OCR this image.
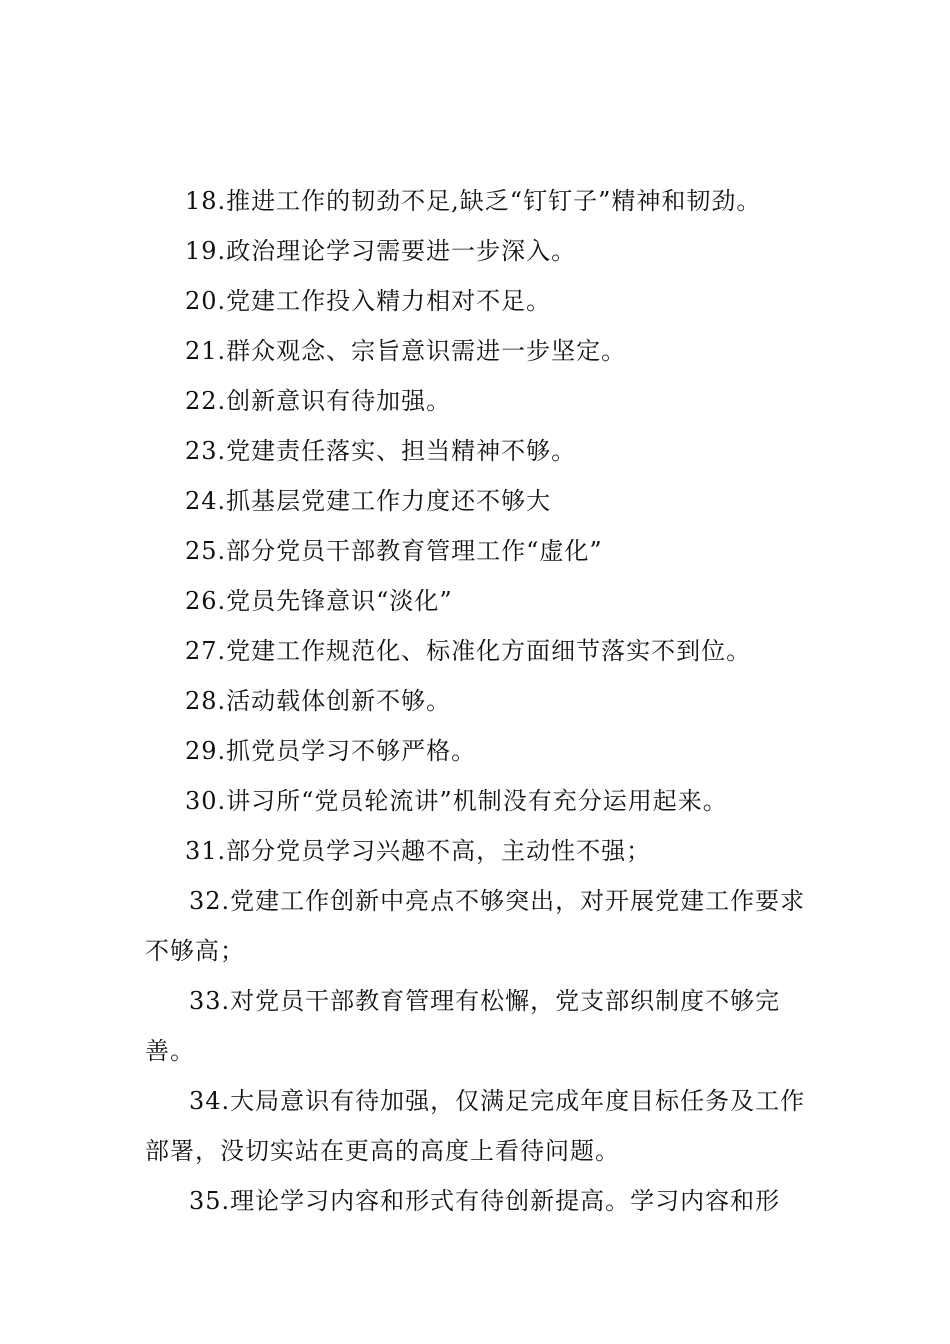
18.推进工作的韧劲不足,缺乏“钉钉子”精神和韧劲。

19.政治理论学习需要进一步深入。

20.党建工作投入精力相对不足。

21.群众观念、宗旨意识需进一步坚定。

22.创新意识有待加强。

23.党建责任落实、担当精神不够。

24.抓基层党建工作力度还不够大

25.部分党员干部教育管理工作“虚化”

26.党员先锋意识“淡化”

27.党建工作规范化、标准化方面细节落实不到位。

28.活动载体创新不够。

29.抓党员学习不够严格。

30.讲习所“党员轮流讲”机制没有充分运用起来。

31.部分党员学习兴趣不高，主动性不强；

32.党建工作创新中亮点不够突出，对开展党建工作要求不够高；

33.对党员干部教育管理有松懈，党支部织制度不够完善。

34.大局意识有待加强，仅满足完成年度目标任务及工作部署，没切实站在更高的高度上看待问题。

35.理论学习内容和形式有待创新提高。学习内容和形
